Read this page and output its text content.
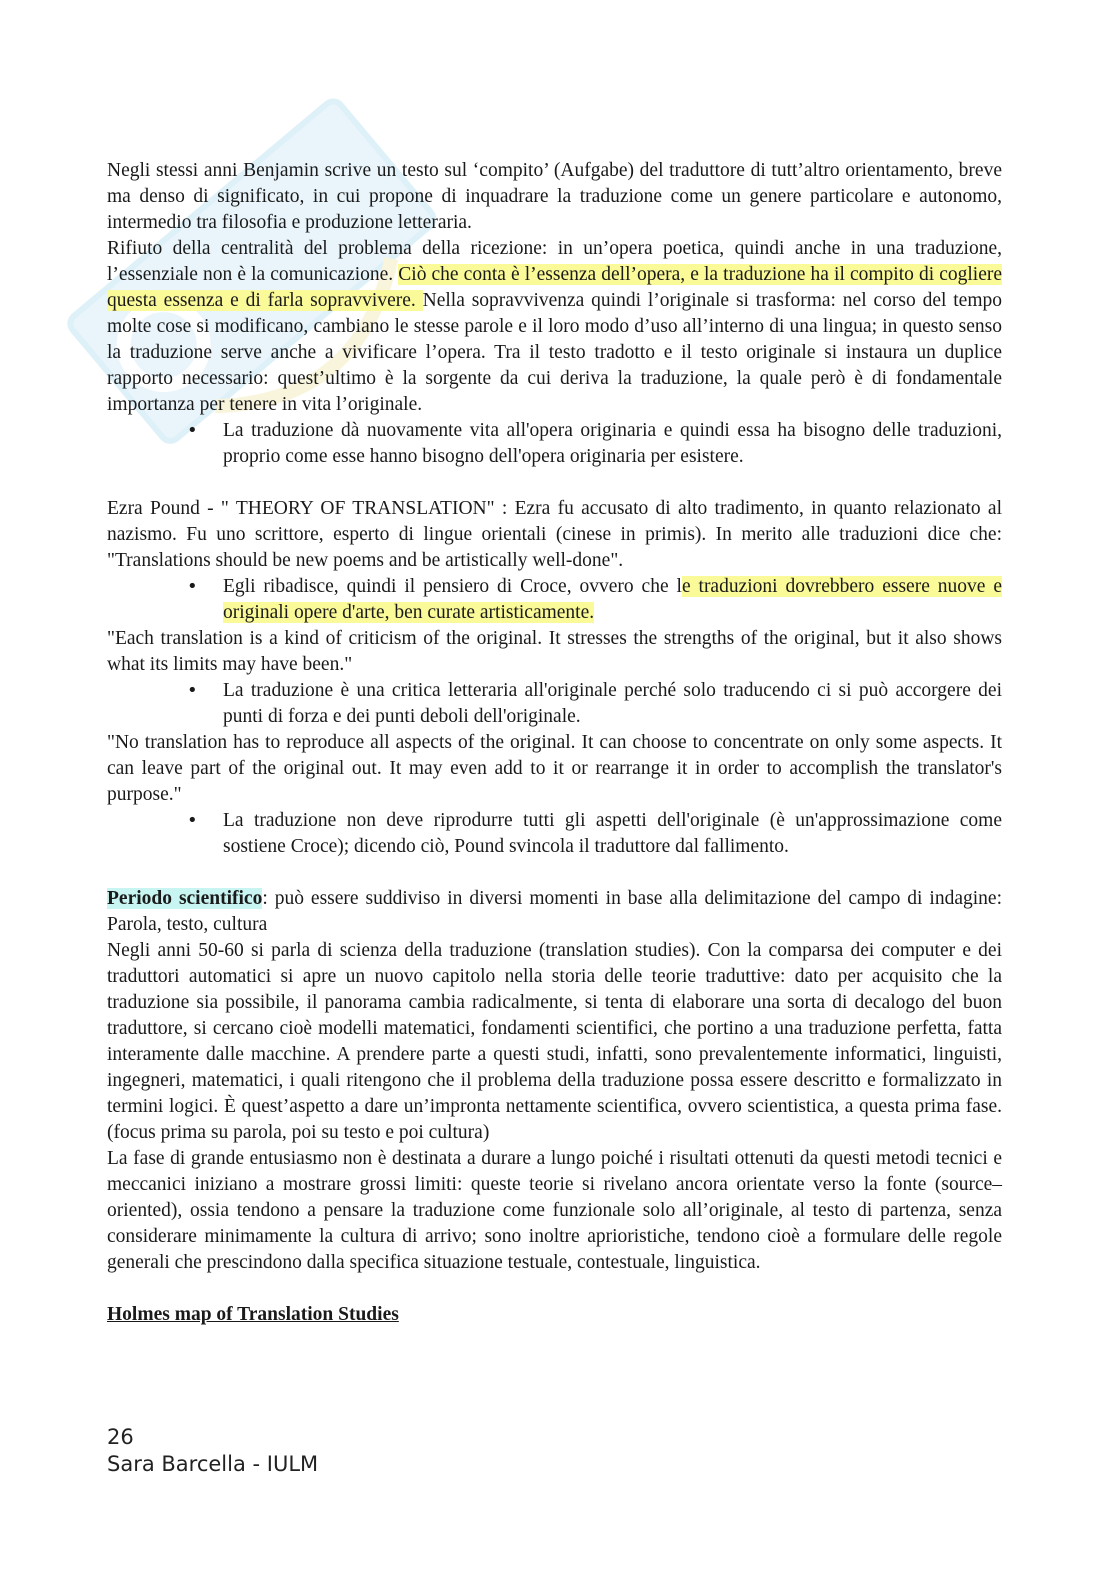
Negli stessi anni Benjamin scrive un testo sul ‘compito’ (Aufgabe) del traduttore di tutt’altro orientamento, breve ma denso di significato, in cui propone di inquadrare la traduzione come un genere particolare e autonomo, intermedio tra filosofia e produzione letteraria.

Rifiuto della centralità del problema della ricezione: in un’opera poetica, quindi anche in una traduzione, l’essenziale non è la comunicazione. Ciò che conta è l’essenza dell’opera, e la traduzione ha il compito di cogliere questa essenza e di farla sopravvivere. Nella sopravvivenza quindi l’originale si trasforma: nel corso del tempo molte cose si modificano, cambiano le stesse parole e il loro modo d’uso all’interno di una lingua; in questo senso la traduzione serve anche a vivificare l’opera. Tra il testo tradotto e il testo originale si instaura un duplice rapporto necessario: quest’ultimo è la sorgente da cui deriva la traduzione, la quale però è di fondamentale importanza per tenere in vita l’originale.

• La traduzione dà nuovamente vita all'opera originaria e quindi essa ha bisogno delle traduzioni, proprio come esse hanno bisogno dell'opera originaria per esistere.

Ezra Pound - " THEORY OF TRANSLATION" : Ezra fu accusato di alto tradimento, in quanto relazionato al nazismo. Fu uno scrittore, esperto di lingue orientali (cinese in primis). In merito alle traduzioni dice che: "Translations should be new poems and be artistically well-done".

• Egli ribadisce, quindi il pensiero di Croce, ovvero che le traduzioni dovrebbero essere nuove e originali opere d'arte, ben curate artisticamente.

"Each translation is a kind of criticism of the original. It stresses the strengths of the original, but it also shows what its limits may have been."

• La traduzione è una critica letteraria all'originale perché solo traducendo ci si può accorgere dei punti di forza e dei punti deboli dell'originale.

"No translation has to reproduce all aspects of the original. It can choose to concentrate on only some aspects. It can leave part of the original out. It may even add to it or rearrange it in order to accomplish the translator's purpose."

• La traduzione non deve riprodurre tutti gli aspetti dell'originale (è un'approssimazione come sostiene Croce); dicendo ciò, Pound svincola il traduttore dal fallimento.

Periodo scientifico: può essere suddiviso in diversi momenti in base alla delimitazione del campo di indagine: Parola, testo, cultura

Negli anni 50-60 si parla di scienza della traduzione (translation studies). Con la comparsa dei computer e dei traduttori automatici si apre un nuovo capitolo nella storia delle teorie traduttive: dato per acquisito che la traduzione sia possibile, il panorama cambia radicalmente, si tenta di elaborare una sorta di decalogo del buon traduttore, si cercano cioè modelli matematici, fondamenti scientifici, che portino a una traduzione perfetta, fatta interamente dalle macchine. A prendere parte a questi studi, infatti, sono prevalentemente informatici, linguisti, ingegneri, matematici, i quali ritengono che il problema della traduzione possa essere descritto e formalizzato in termini logici. È quest’aspetto a dare un’impronta nettamente scientifica, ovvero scientistica, a questa prima fase. (focus prima su parola, poi su testo e poi cultura)

La fase di grande entusiasmo non è destinata a durare a lungo poiché i risultati ottenuti da questi metodi tecnici e meccanici iniziano a mostrare grossi limiti: queste teorie si rivelano ancora orientate verso la fonte (source–oriented), ossia tendono a pensare la traduzione come funzionale solo all’originale, al testo di partenza, senza considerare minimamente la cultura di arrivo; sono inoltre aprioristiche, tendono cioè a formulare delle regole generali che prescindono dalla specifica situazione testuale, contestuale, linguistica.

Holmes map of Translation Studies

26
Sara Barcella - IULM
